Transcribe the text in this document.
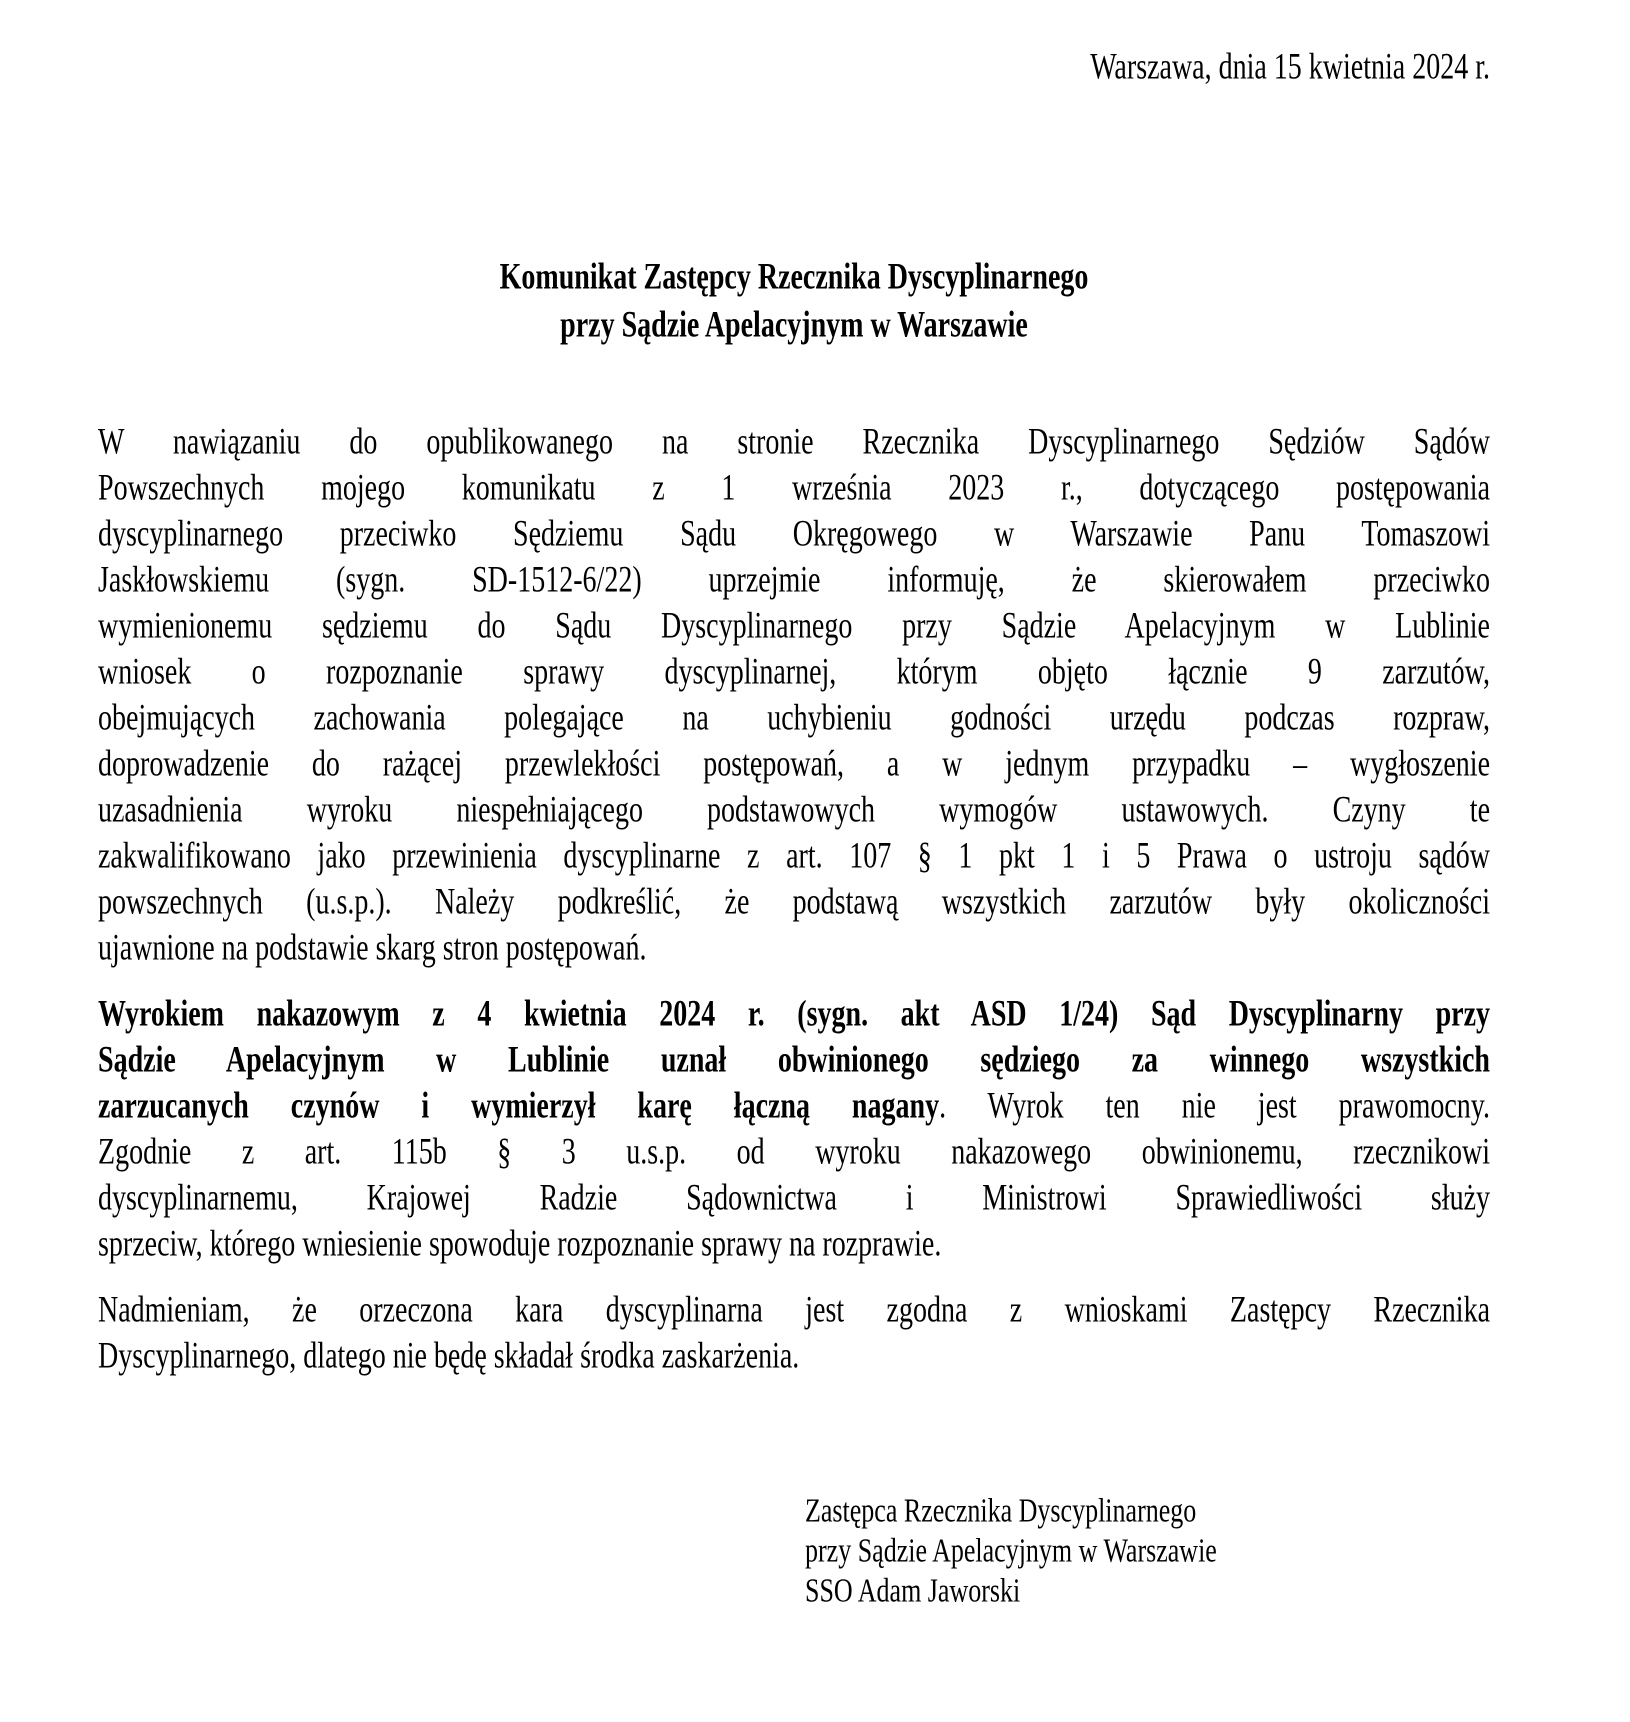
Warszawa, dnia 15 kwietnia 2024 r.
Komunikat Zastępcy Rzecznika Dyscyplinarnego
przy Sądzie Apelacyjnym w Warszawie
W nawiązaniu do opublikowanego na stronie Rzecznika Dyscyplinarnego Sędziów Sądów
Powszechnych mojego komunikatu z 1 września 2023 r., dotyczącego postępowania
dyscyplinarnego przeciwko Sędziemu Sądu Okręgowego w Warszawie Panu Tomaszowi
Jaskłowskiemu (sygn. SD-1512-6/22) uprzejmie informuję, że skierowałem przeciwko
wymienionemu sędziemu do Sądu Dyscyplinarnego przy Sądzie Apelacyjnym w Lublinie
wniosek o rozpoznanie sprawy dyscyplinarnej, którym objęto łącznie 9 zarzutów,
obejmujących zachowania polegające na uchybieniu godności urzędu podczas rozpraw,
doprowadzenie do rażącej przewlekłości postępowań, a w jednym przypadku – wygłoszenie
uzasadnienia wyroku niespełniającego podstawowych wymogów ustawowych. Czyny te
zakwalifikowano jako przewinienia dyscyplinarne z art. 107 § 1 pkt 1 i 5 Prawa o ustroju sądów
powszechnych (u.s.p.). Należy podkreślić, że podstawą wszystkich zarzutów były okoliczności
ujawnione na podstawie skarg stron postępowań.
Wyrokiem nakazowym z 4 kwietnia 2024 r. (sygn. akt ASD 1/24) Sąd Dyscyplinarny przy
Sądzie Apelacyjnym w Lublinie uznał obwinionego sędziego za winnego wszystkich
zarzucanych czynów i wymierzył karę łączną nagany. Wyrok ten nie jest prawomocny.
Zgodnie z art. 115b § 3 u.s.p. od wyroku nakazowego obwinionemu, rzecznikowi
dyscyplinarnemu, Krajowej Radzie Sądownictwa i Ministrowi Sprawiedliwości służy
sprzeciw, którego wniesienie spowoduje rozpoznanie sprawy na rozprawie.
Nadmieniam, że orzeczona kara dyscyplinarna jest zgodna z wnioskami Zastępcy Rzecznika
Dyscyplinarnego, dlatego nie będę składał środka zaskarżenia.
Zastępca Rzecznika Dyscyplinarnego
przy Sądzie Apelacyjnym w Warszawie
SSO Adam Jaworski
